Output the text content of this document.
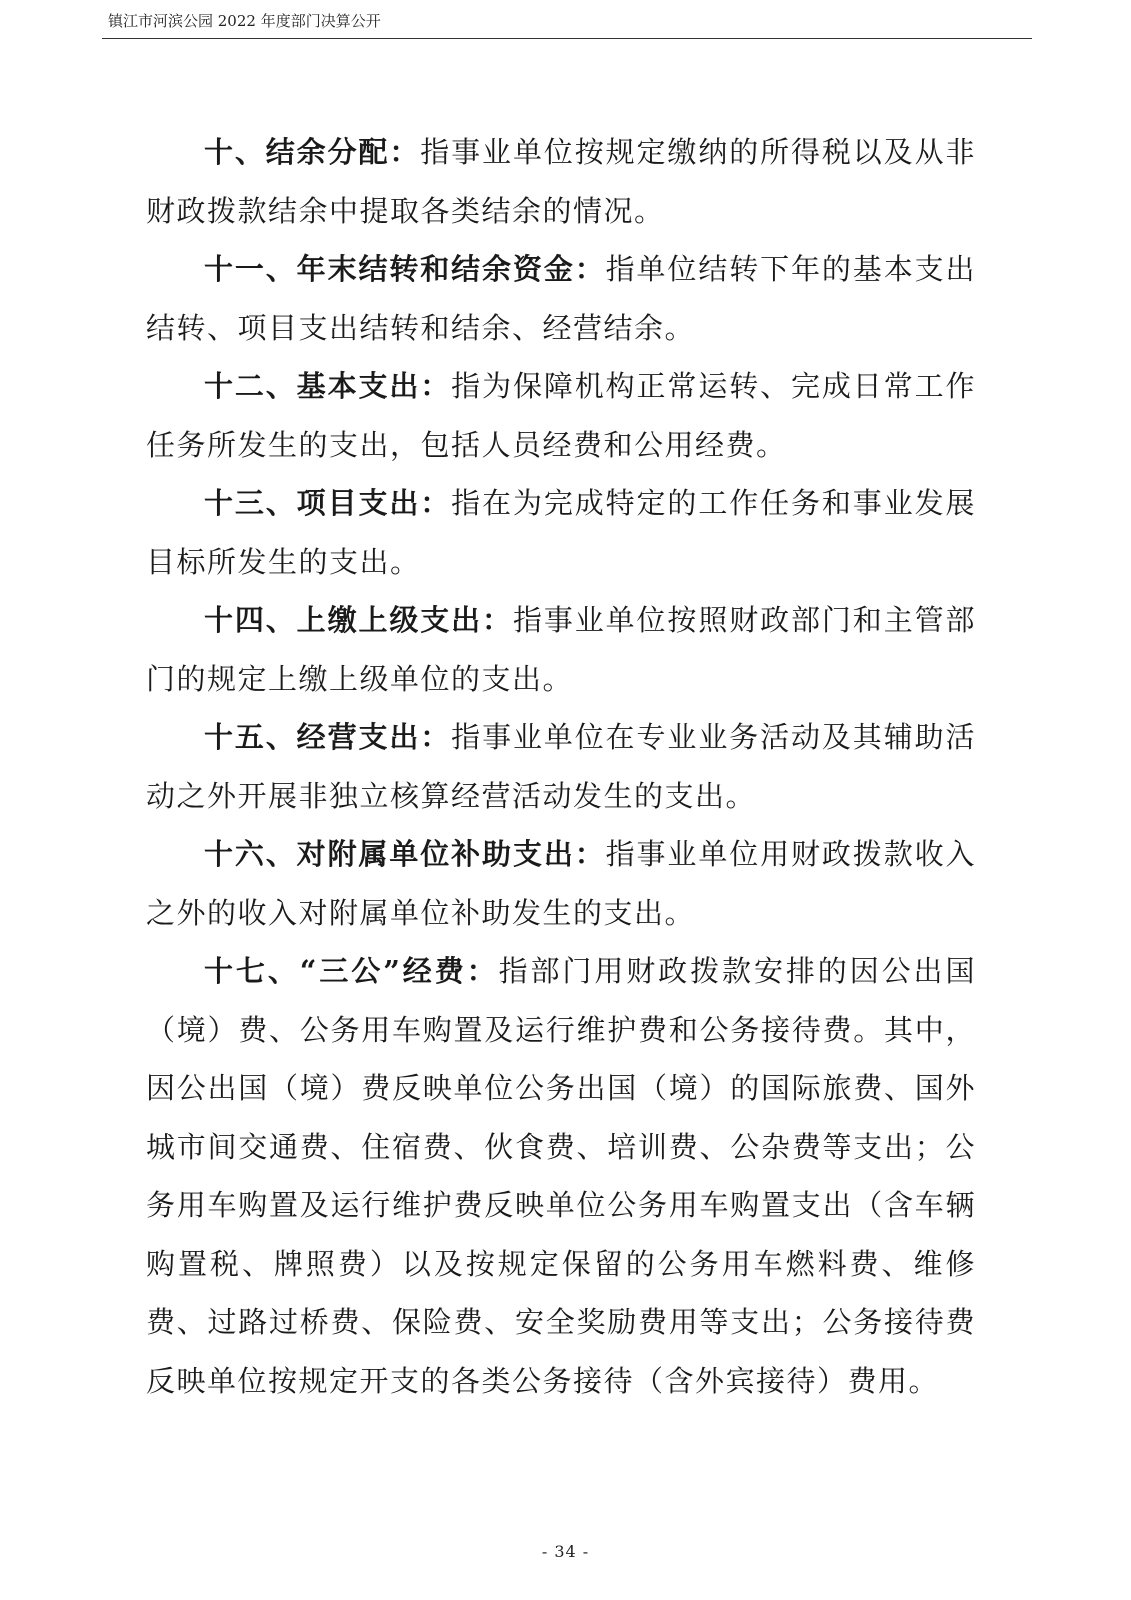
镇江市河滨公园 2022 年度部门决算公开

十、结余分配：指事业单位按规定缴纳的所得税以及从非财政拨款结余中提取各类结余的情况。

十一、年末结转和结余资金：指单位结转下年的基本支出结转、项目支出结转和结余、经营结余。

十二、基本支出：指为保障机构正常运转、完成日常工作任务所发生的支出，包括人员经费和公用经费。

十三、项目支出：指在为完成特定的工作任务和事业发展目标所发生的支出。

十四、上缴上级支出：指事业单位按照财政部门和主管部门的规定上缴上级单位的支出。

十五、经营支出：指事业单位在专业业务活动及其辅助活动之外开展非独立核算经营活动发生的支出。

十六、对附属单位补助支出：指事业单位用财政拨款收入之外的收入对附属单位补助发生的支出。

十七、“三公”经费：指部门用财政拨款安排的因公出国（境）费、公务用车购置及运行维护费和公务接待费。其中，因公出国（境）费反映单位公务出国（境）的国际旅费、国外城市间交通费、住宿费、伙食费、培训费、公杂费等支出；公务用车购置及运行维护费反映单位公务用车购置支出（含车辆购置税、牌照费）以及按规定保留的公务用车燃料费、维修费、过路过桥费、保险费、安全奖励费用等支出；公务接待费反映单位按规定开支的各类公务接待（含外宾接待）费用。

- 34 -
